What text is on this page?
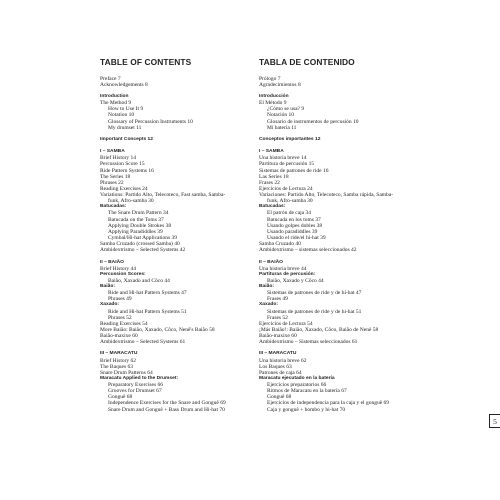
TABLE OF CONTENTS
Preface 7
Acknowledgements 8
Introduction
The Method 9
How to Use It 9
Notation 10
Glossary of Percussion Instruments 10
My drumset 11
Important Concepts 12
I – SAMBA
Brief History 14
Percussion Score 15
Ride Pattern Systems 16
The Series 18
Phrases 22
Reading Exercises 24
Variations: Partido Alto, Telecoteco, Fast samba, Samba-
funk, Afro-samba 30
Batucadas:
The Snare Drum Pattern 34
Batucada on the Toms 37
Applying Double Strokes 38
Applying Paradiddles 39
Cymbal/Hi-hat Applications 39
Samba Cruzado (crossed Samba) 40
Ambidextrismo – Selected Systems 42
II – BAIÃO
Brief History 44
Percussion Scores:
Baião, Xaxado and Côco 44
Baião:
Ride and Hi-hat Pattern Systems 47
Phrases 49
Xaxado:
Ride and Hi-hat Pattern Systems 51
Phrases 52
Reading Exercises 54
More Baião: Baião, Xaxado, Côco, Nenê's Baião 58
Baião-maxixe 60
Ambidextrismo – Selected Systems 61
III – MARACATU
Brief History 62
The Baques 63
Snare Drum Patterns 64
Maracatu Applied to the Drumset:
Preparatory Exercises 66
Grooves for Drumset 67
Gonguê 68
Independence Exercises for the Snare and Gonguê 69
Snare Drum and Gonguê + Bass Drum and Hi-hat 70
TABLA DE CONTENIDO
Prólogo 7
Agradecimientos 8
Introducción
El Método 9
¿Cómo se usa? 9
Notación 10
Glosario de instrumentos de percusión 10
Mi batería 11
Conceptos importantes 12
I – SAMBA
Una historia breve 14
Partitura de percusión 15
Sistemas de patrones de ride 16
Las Series 18
Frases 22
Ejercicios de Lectura 24
Variaciones: Partido Alto, Telecoteco, Samba rápida, Samba-
funk, Afro-samba 30
Batucadas:
El patrón de caja 34
Batucada en los toms 37
Usando golpes dobles 38
Usando paradiddles 39
Usando el ride/el hi-hat 39
Samba Cruzado 40
Ambidextrismo – sistemas seleccionados 42
II – BAIÃO
Una historia breve 44
Partituras de percusión:
Baião, Xaxado y Côco 44
Baião:
Sistemas de patrones de ride y de hi-hat 47
Frases 49
Xaxado:
Sistemas de patrones de ride y de hi-hat 51
Frases 52
Ejercicios de Lectura 54
¡Más Baião!: Baião, Xaxado, Côco, Baião de Nenê 58
Baião-maxixe 60
Ambidextrismo – Sistemas seleccionados 61
III – MARACATU
Una historia breve 62
Los Baques 63
Patrones de caja 64
Maracatu ejecutado en la batería
Ejercicios preparatorios 66
Ritmos de Maracatu en la batería 67
Gonguê 68
Ejercicios de independencia para la caja y el gonguê 69
Caja y gonguê + bombo y hi-hat 70
5
